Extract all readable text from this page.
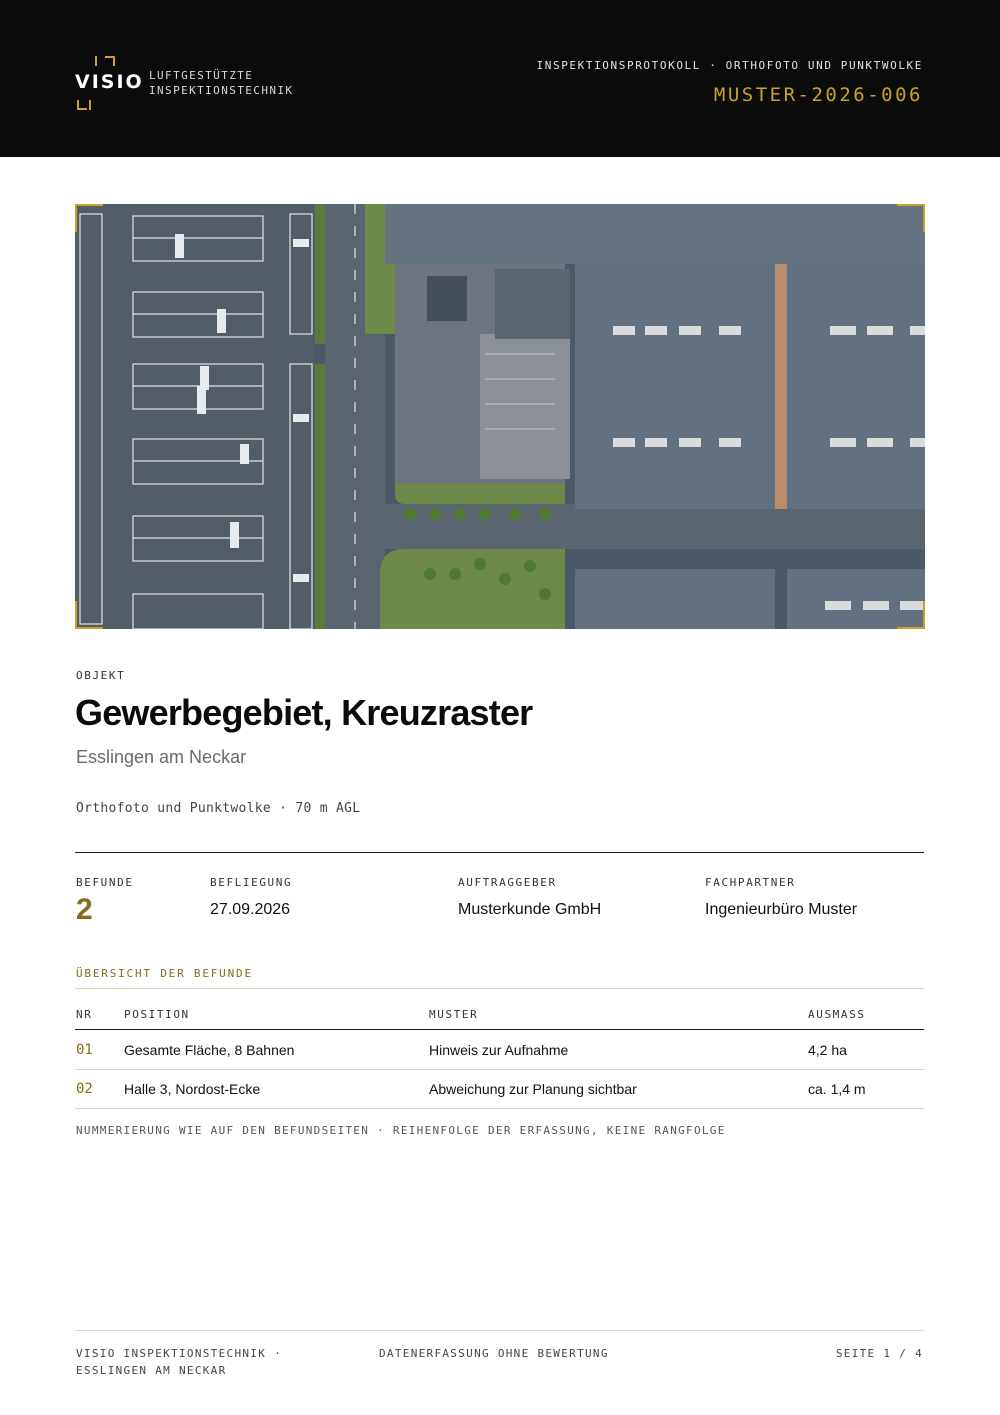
VISIO LUFTGESTÜTZTE
INSPEKTIONSTECHNIK
INSPEKTIONSPROTOKOLL · ORTHOFOTO UND PUNKTWOLKE
MUSTER-2026-006
OBJEKT
Gewerbegebiet, Kreuzraster
Esslingen am Neckar
Orthofoto und Punktwolke · 70 m AGL
BEFUNDE
2
BEFLIEGUNG
27.09.2026
AUFTRAGGEBER
Musterkunde GmbH
FACHPARTNER
Ingenieurbüro Muster
ÜBERSICHT DER BEFUNDE
NR	POSITION	MUSTER	AUSMASS
01 Gesamte Fläche, 8 Bahnen	Hinweis zur Aufnahme	4,2 ha
02 Halle 3, Nordost-Ecke	Abweichung zur Planung sichtbar	ca. 1,4 m
NUMMERIERUNG WIE AUF DEN BEFUNDSEITEN · REIHENFOLGE DER ERFASSUNG, KEINE RANGFOLGE
VISIO INSPEKTIONSTECHNIK ·
ESSLINGEN AM NECKAR
DATENERFASSUNG OHNE BEWERTUNG	SEITE 1 / 4
